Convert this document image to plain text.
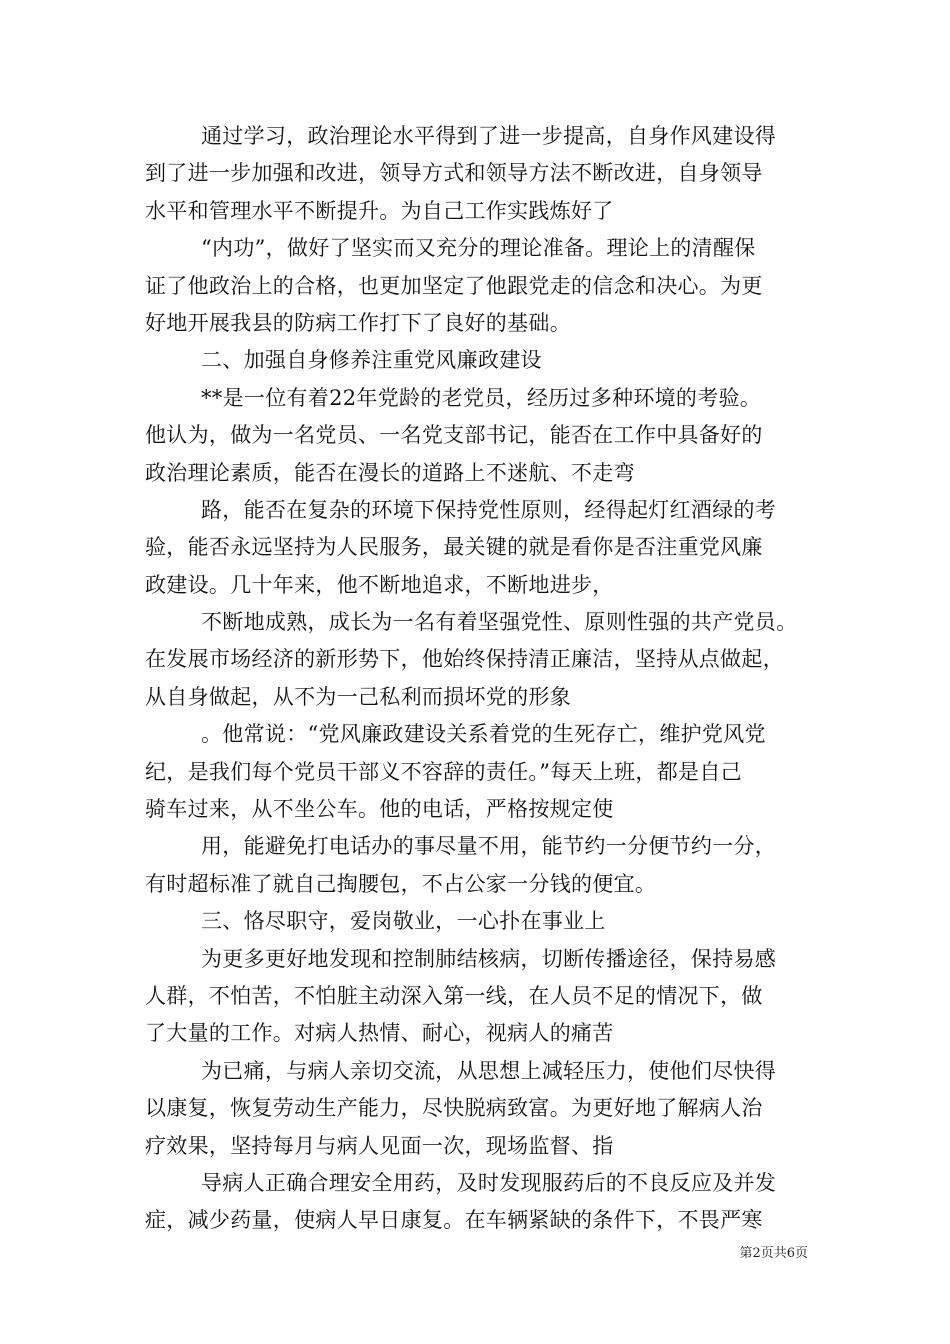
通过学习，政治理论水平得到了进一步提高，自身作风建设得
到了进一步加强和改进，领导方式和领导方法不断改进，自身领导
水平和管理水平不断提升。为自己工作实践炼好了
“内功”，做好了坚实而又充分的理论准备。理论上的清醒保
证了他政治上的合格，也更加坚定了他跟党走的信念和决心。为更
好地开展我县的防病工作打下了良好的基础。
二、加强自身修养注重党风廉政建设
**是一位有着22年党龄的老党员，经历过多种环境的考验。
他认为，做为一名党员、一名党支部书记，能否在工作中具备好的
政治理论素质，能否在漫长的道路上不迷航、不走弯
路，能否在复杂的环境下保持党性原则，经得起灯红酒绿的考
验，能否永远坚持为人民服务，最关键的就是看你是否注重党风廉
政建设。几十年来，他不断地追求，不断地进步，
不断地成熟，成长为一名有着坚强党性、原则性强的共产党员。
在发展市场经济的新形势下，他始终保持清正廉洁，坚持从点做起，
从自身做起，从不为一己私利而损坏党的形象
。他常说：“党风廉政建设关系着党的生死存亡，维护党风党
纪，是我们每个党员干部义不容辞的责任。”每天上班，都是自己
骑车过来，从不坐公车。他的电话，严格按规定使
用，能避免打电话办的事尽量不用，能节约一分便节约一分，
有时超标准了就自己掏腰包，不占公家一分钱的便宜。
三、恪尽职守，爱岗敬业，一心扑在事业上
为更多更好地发现和控制肺结核病，切断传播途径，保持易感
人群，不怕苦，不怕脏主动深入第一线，在人员不足的情况下，做
了大量的工作。对病人热情、耐心，视病人的痛苦
为已痛，与病人亲切交流，从思想上减轻压力，使他们尽快得
以康复，恢复劳动生产能力，尽快脱病致富。为更好地了解病人治
疗效果，坚持每月与病人见面一次，现场监督、指
导病人正确合理安全用药，及时发现服药后的不良反应及并发
症，减少药量，使病人早日康复。在车辆紧缺的条件下，不畏严寒
第2页共6页
